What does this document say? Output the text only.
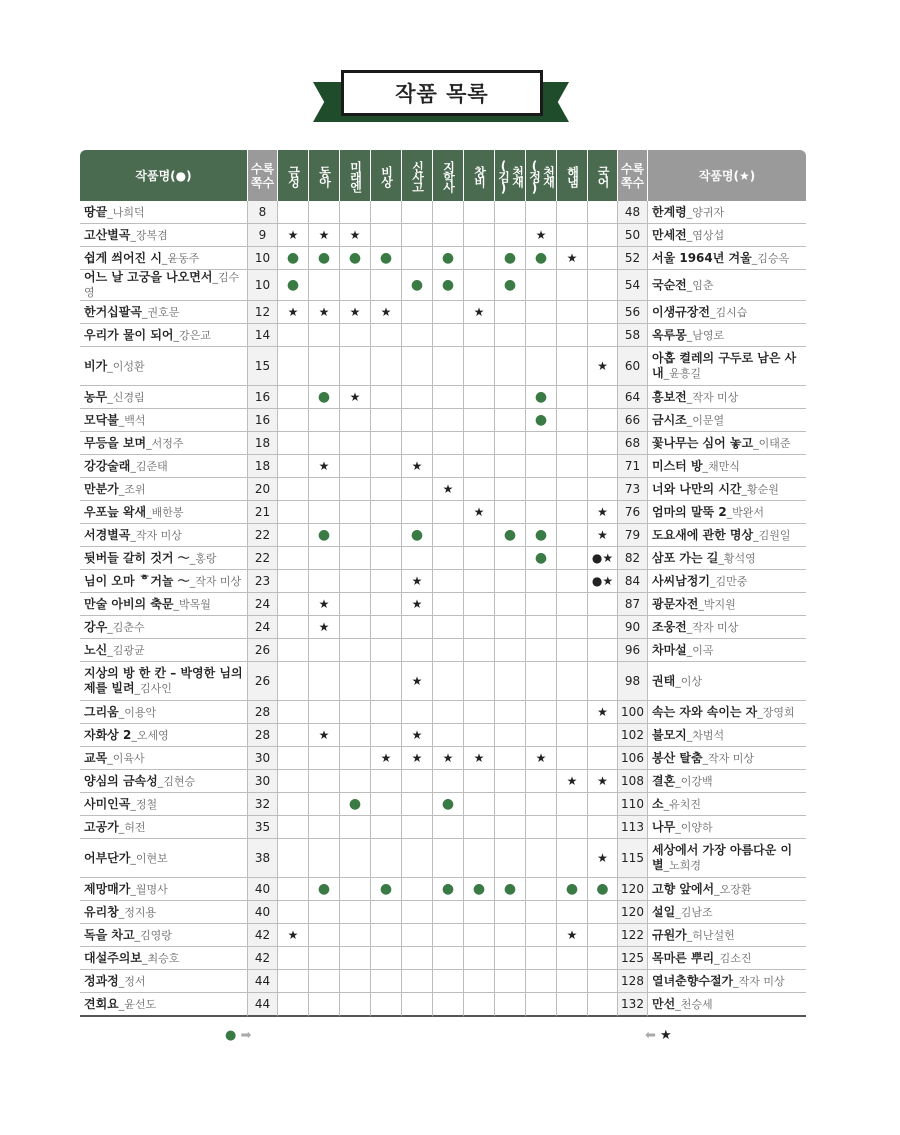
작품 목록
작품명(●)	수록 쪽수	금성	동아	미래엔	비상	신사고	지학사	창비	천재(김)	천재(정)	해냄	국어	수록 쪽수	작품명(★)
땅끝_나희덕	8												48	한계령_양귀자
고산별곡_장복겸	9	★	★	★						★			50	만세전_염상섭
쉽게 씌어진 시_윤동주	10	●	●	●	●		●		●	●	★		52	서울 1964년 겨울_김승옥
어느 날 고궁을 나오면서_김수영	10	●				●	●		●				54	국순전_임춘
한거십팔곡_권호문	12	★	★	★	★			★					56	이생규장전_김시습
우리가 물이 되어_강은교	14												58	옥루몽_남영로
비가_이성환	15											★	60	아홉 켤레의 구두로 남은 사내_윤흥길
농무_신경림	16		●	★						●			64	흥보전_작자 미상
모닥불_백석	16									●			66	금시조_이문열
무등을 보며_서정주	18												68	꽃나무는 심어 놓고_이태준
강강술래_김준태	18		★			★							71	미스터 방_채만식
만분가_조위	20						★						73	너와 나만의 시간_황순원
우포늪 왁새_배한봉	21							★				★	76	엄마의 말뚝 2_박완서
서경별곡_작자 미상	22		●			●			●	●		★	79	도요새에 관한 명상_김원일
뒷버들 갈히 것거 ～_홍랑	22									●		●★	82	삼포 가는 길_황석영
님이 오마 ᄒ거놀 ～_작자 미상	23					★						●★	84	사씨남정기_김만중
만술 아비의 축문_박목월	24		★			★							87	광문자전_박지원
강우_김춘수	24		★										90	조웅전_작자 미상
노신_김광균	26												96	차마설_이곡
지상의 방 한 칸 – 박영한 님의 제를 빌려_김사인	26					★							98	권태_이상
그리움_이용악	28											★	100	속는 자와 속이는 자_장영희
자화상 2_오세영	28		★			★							102	불모지_차범석
교목_이육사	30				★	★	★	★		★			106	봉산 탈춤_작자 미상
양심의 금속성_김현승	30										★	★	108	결혼_이강백
사미인곡_정철	32			●			●						110	소_유치진
고공가_허전	35												113	나무_이양하
어부단가_이현보	38											★	115	세상에서 가장 아름다운 이별_노희경
제망매가_월명사	40		●		●		●	●	●		●	●	120	고향 앞에서_오장환
유리창_정지용	40												120	설일_김남조
독을 차고_김영랑	42	★									★		122	규원가_허난설헌
대설주의보_최승호	42												125	목마른 뿌리_김소진
정과정_정서	44												128	열녀춘향수절가_작자 미상
견회요_윤선도	44												132	만선_천승세
● ➡	⬅ ★
